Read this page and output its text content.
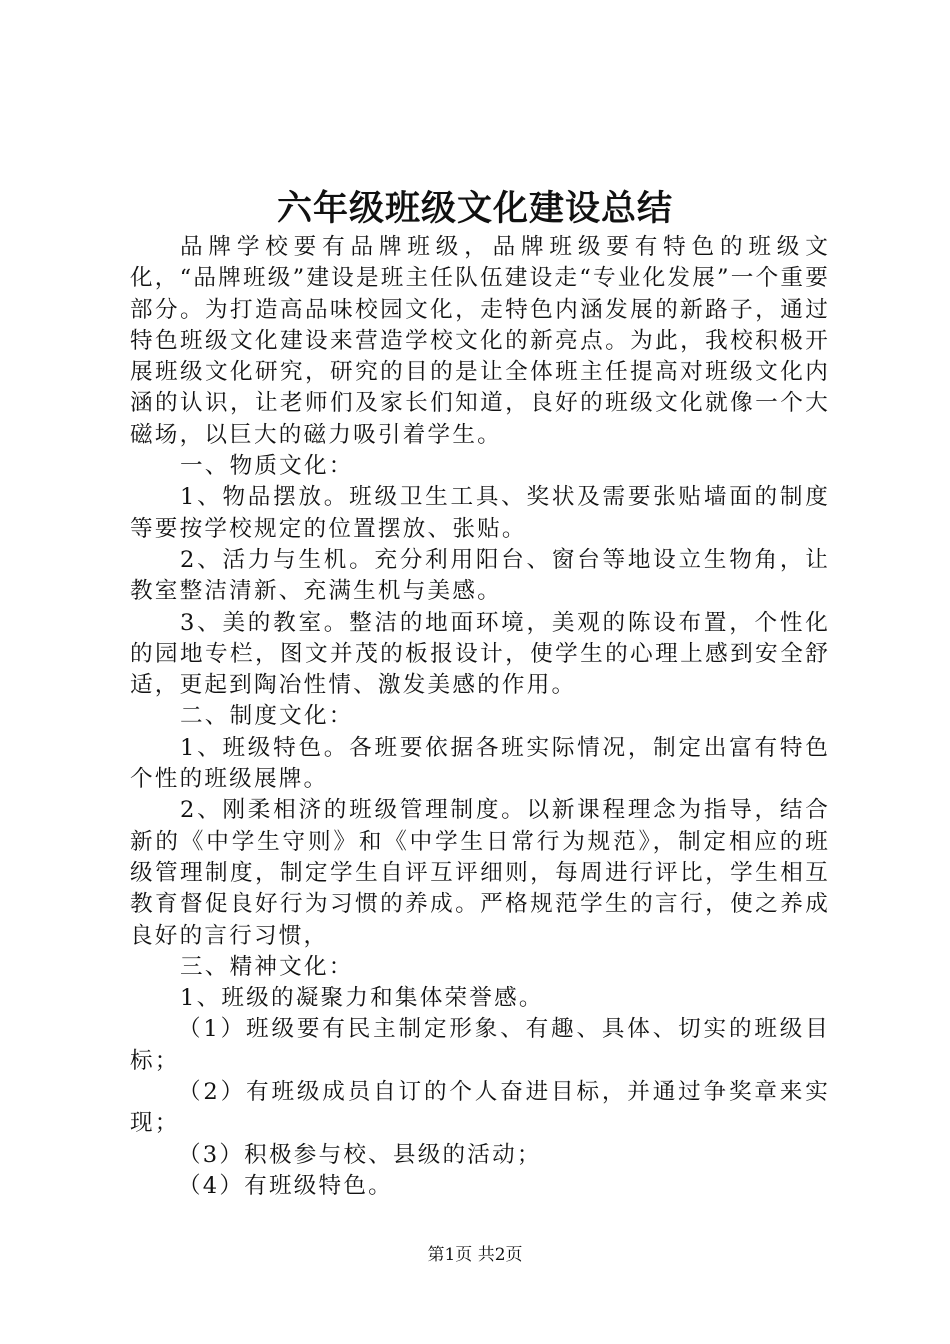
六年级班级文化建设总结

品牌学校要有品牌班级，品牌班级要有特色的班级文化，“品牌班级”建设是班主任队伍建设走“专业化发展”一个重要部分。为打造高品味校园文化，走特色内涵发展的新路子，通过特色班级文化建设来营造学校文化的新亮点。为此，我校积极开展班级文化研究，研究的目的是让全体班主任提高对班级文化内涵的认识，让老师们及家长们知道，良好的班级文化就像一个大磁场，以巨大的磁力吸引着学生。

一、物质文化：

1、物品摆放。班级卫生工具、奖状及需要张贴墙面的制度等要按学校规定的位置摆放、张贴。

2、活力与生机。充分利用阳台、窗台等地设立生物角，让教室整洁清新、充满生机与美感。

3、美的教室。整洁的地面环境，美观的陈设布置，个性化的园地专栏，图文并茂的板报设计，使学生的心理上感到安全舒适，更起到陶冶性情、激发美感的作用。

二、制度文化：

1、班级特色。各班要依据各班实际情况，制定出富有特色个性的班级展牌。

2、刚柔相济的班级管理制度。以新课程理念为指导，结合新的《中学生守则》和《中学生日常行为规范》，制定相应的班级管理制度，制定学生自评互评细则，每周进行评比，学生相互教育督促良好行为习惯的养成。严格规范学生的言行，使之养成良好的言行习惯，

三、精神文化：

1、班级的凝聚力和集体荣誉感。

（1）班级要有民主制定形象、有趣、具体、切实的班级目标；

（2）有班级成员自订的个人奋进目标，并通过争奖章来实现；

（3）积极参与校、县级的活动；

（4）有班级特色。

第1页 共2页
